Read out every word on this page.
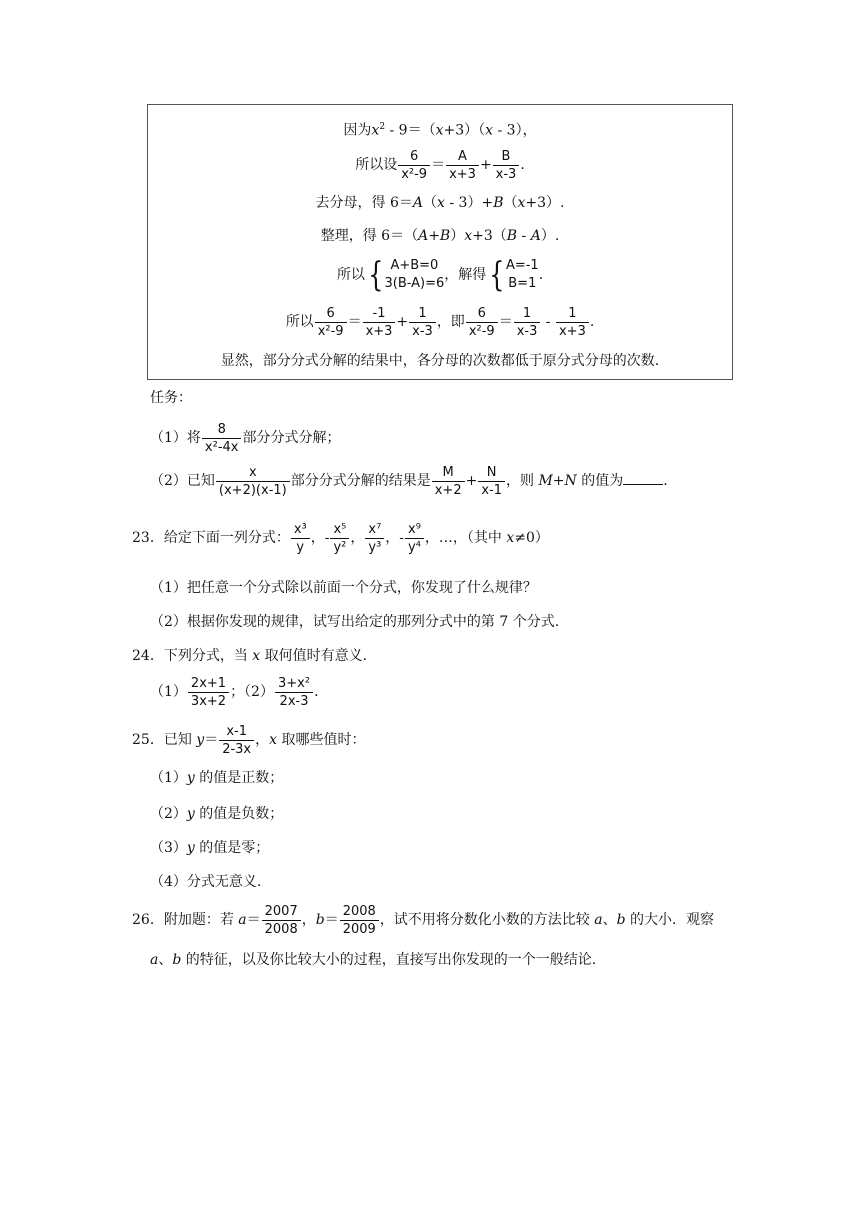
因为$x^2 - 9=(x+3)(x - 3)$，
所以设 $\frac{6}{\text{x²-9}} = \frac{A}{x+3} + \frac{B}{x-3}$ .
去分母，得 6＝A（x - 3）+B（x+3）.
整理，得 6＝（A+B）x+3（B - A）.
所以{ A+B=0
3(B-A)=6
，解得{ A=-1
B=1
.
所以 $\frac{6}{\text{x²-9}} = \frac{-1}{x+3} + \frac{1}{x-3}$ ，即 $\frac{6}{\text{x²-9}} = \frac{1}{x-3} - \frac{1}{x+3}$ .
显然，部分分式分解的结果中，各分母的次数都低于原分式分母的次数.
任务：
（1）将 $\frac{8}{\text{x²-4x}}$ 部分分式分解；
（2）已知 $\frac{x}{(x+2)(x-1)}$ 部分分式分解的结果是 $\frac{M}{x+2} + \frac{N}{x-1}$ ，则 M+N 的值为	.
23．给定下面一列分式： $\frac{\text{x³}}{y}$ ，- $\frac{\text{x⁵}}{\text{y²}}$ ， $\frac{\text{x⁷}}{\text{y³}}$ ，- $\frac{\text{x⁹}}{\text{y⁴}}$ ，…，（其中 x≠0）
（1）把任意一个分式除以前面一个分式，你发现了什么规律？
（2）根据你发现的规律，试写出给定的那列分式中的第 7 个分式.
24．下列分式，当 x 取何值时有意义.
$(1) \frac{2x+1}{3x+2}$ ；$(2) \frac{\text{3+x²}}{2x-3}$ .
25．已知 $y= \frac{x-1}{2-3x}$ ，x 取哪些值时：
（1）y 的值是正数；
（2）y 的值是负数；
（3）y 的值是零；
（4）分式无意义.
26．附加题：若 $a= \frac{2007}{2008}$ ，$b= \frac{2008}{2009}$ ，试不用将分数化小数的方法比较 a、b 的大小．观察
a、b 的特征，以及你比较大小的过程，直接写出你发现的一个一般结论.
